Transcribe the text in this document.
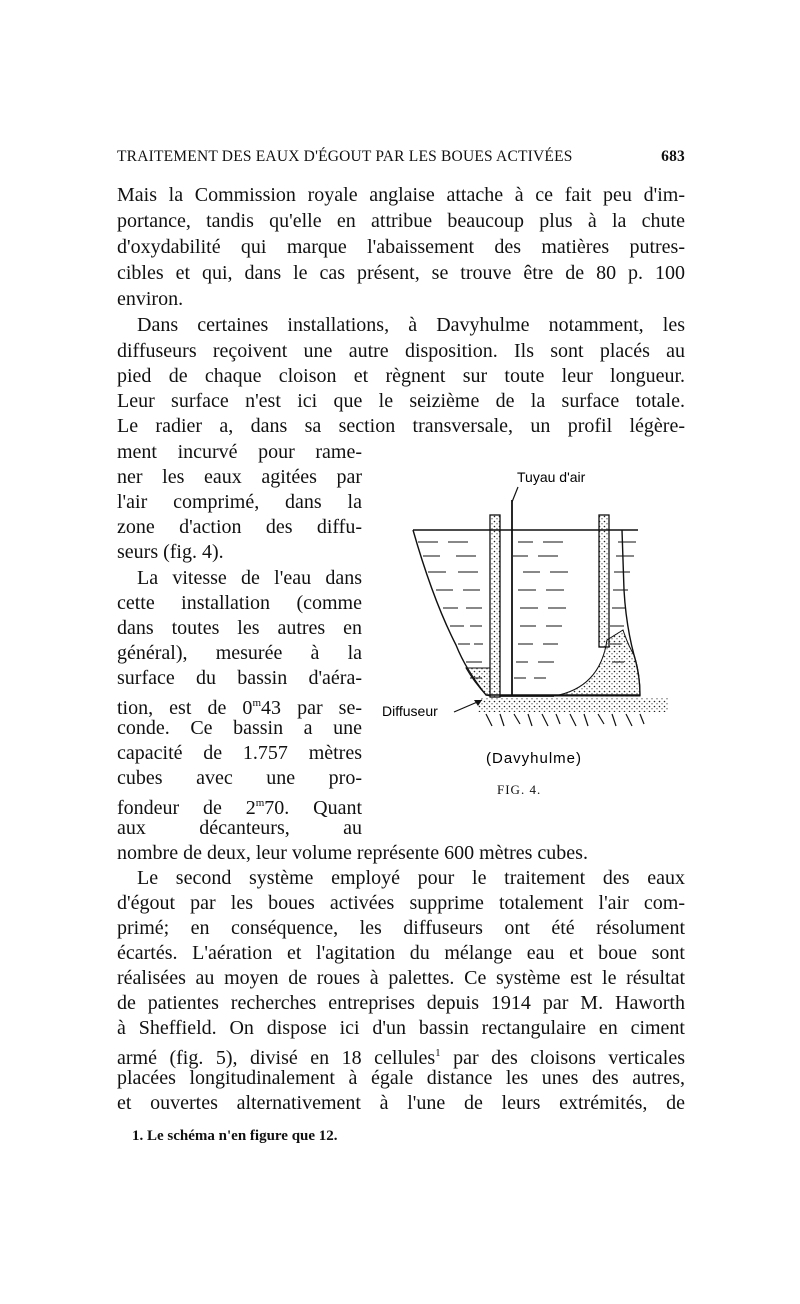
TRAITEMENT DES EAUX D'ÉGOUT PAR LES BOUES ACTIVÉES	683
Mais la Commission royale anglaise attache à ce fait peu d'im-
portance, tandis qu'elle en attribue beaucoup plus à la chute
d'oxydabilité qui marque l'abaissement des matières putres-
cibles et qui, dans le cas présent, se trouve être de 80 p. 100
environ.
Dans certaines installations, à Davyhulme notamment, les
diffuseurs reçoivent une autre disposition. Ils sont placés au
pied de chaque cloison et règnent sur toute leur longueur.
Leur surface n'est ici que le seizième de la surface totale.
Le radier a, dans sa section transversale, un profil légère-
ment incurvé pour rame-
ner les eaux agitées par
l'air comprimé, dans la
zone d'action des diffu-
seurs (fig. 4).
La vitesse de l'eau dans
cette installation (comme
dans toutes les autres en
général), mesurée à la
surface du bassin d'aéra-
tion, est de 0$^m$43 par se-
conde. Ce bassin a une
capacité de 1.757 mètres
cubes avec une pro-
fondeur de 2$^m$70. Quant
aux décanteurs, au
nombre de deux, leur volume représente 600 mètres cubes.
Le second système employé pour le traitement des eaux
d'égout par les boues activées supprime totalement l'air com-
primé; en conséquence, les diffuseurs ont été résolument
écartés. L'aération et l'agitation du mélange eau et boue sont
réalisées au moyen de roues à palettes. Ce système est le résultat
de patientes recherches entreprises depuis 1914 par M. Haworth
à Sheffield. On dispose ici d'un bassin rectangulaire en ciment
armé (fig. 5), divisé en 18 cellules$^1$ par des cloisons verticales
placées longitudinalement à égale distance les unes des autres,
et ouvertes alternativement à l'une de leurs extrémités, de
1. Le schéma n'en figure que 12.
Tuyau d'air
Diffuseur
(Davyhulme)
FIG. 4.
